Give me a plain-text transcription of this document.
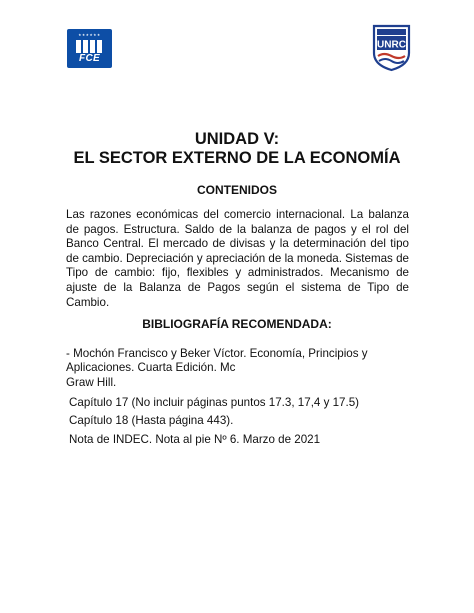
★★★★★★
FCE
UNRC
UNIDAD V:
EL SECTOR EXTERNO DE LA ECONOMÍA
CONTENIDOS

Las razones económicas del comercio internacional. La balanza de pagos. Estructura. Saldo de la balanza de pagos y el rol del Banco Central. El mercado de divisas y la determinación del tipo de cambio. Depreciación y apreciación de la moneda. Sistemas de Tipo de cambio: fijo, flexibles y administrados. Mecanismo de ajuste de la Balanza de Pagos según el sistema de Tipo de Cambio.

BIBLIOGRAFÍA RECOMENDADA:

- Mochón Francisco y Beker Víctor. Economía, Principios y
Aplicaciones. Cuarta Edición. Mc
Graw Hill.

Capítulo 17 (No incluir páginas puntos 17.3, 17,4 y 17.5)

Capítulo 18 (Hasta página 443).

Nota de INDEC. Nota al pie Nº 6. Marzo de 2021
